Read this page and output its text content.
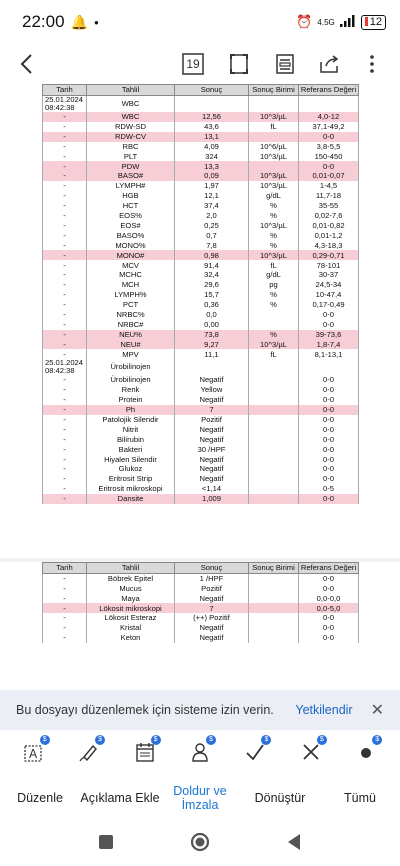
22:00 🔔 ●	⏰ 4.5G	12
19
Tarih	Tahlil	Sonuç	Sonuç Birimi	Referans Değeri
25.01.2024 08:42:38	WBC			
-	WBC	12,56	10^3/µL	4,0-12
-	RDW-SD	43,6	fL	37,1-49,2
-	RDW-CV	13,1		0-0
-	RBC	4,09	10^6/µL	3,8-5,5
-	PLT	324	10^3/µL	150-450
-	PDW	13,3		0-0
-	BASO#	0,09	10^3/µL	0,01-0,07
-	LYMPH#	1,97	10^3/µL	1-4,5
-	HGB	12,1	g/dL	11,7-18
-	HCT	37,4	%	35-55
-	EOS%	2,0	%	0,02-7,6
-	EOS#	0,25	10^3/µL	0,01-0,82
-	BASO%	0,7	%	0,01-1,2
-	MONO%	7,8	%	4,3-18,3
-	MONO#	0,98	10^3/µL	0,29-0,71
-	MCV	91,4	fL	78-101
-	MCHC	32,4	g/dL	30-37
-	MCH	29,6	pg	24,5-34
-	LYMPH%	15,7	%	10-47,4
-	PCT	0,36	%	0,17-0,49
-	NRBC%	0,0		0-0
-	NRBC#	0,00		0-0
-	NEU%	73,8	%	39-73,6
-	NEU#	9,27	10^3/µL	1,8-7,4
-	MPV	11,1	fL	8,1-13,1
25.01.2024 08:42:38	Ürobilinojen			
-	Ürobilinojen	Negatif		0-0
-	Renk	Yellow		0-0
-	Protein	Negatif		0-0
-	Ph	7		0-0
-	Patolojik Silendir	Pozitif		0-0
-	Nitrit	Negatif		0-0
-	Bilirubin	Negatif		0-0
-	Bakteri	30 /HPF		0-0
-	Hiyalen Silendir	Negatif		0-0
-	Glukoz	Negatif		0-0
-	Eritrosit Strip	Negatif		0-0
-	Eritrosit mikroskopi	<1,14		0-5
-	Dansite	1,009		0-0
Tarih	Tahlil	Sonuç	Sonuç Birimi	Referans Değeri
-	Böbrek Epitel	1 /HPF		0-0
-	Mucus	Pozitif		0-0
-	Maya	Negatif		0,0-0,0
-	Lökosit mikroskopi	7		0,0-5,0
-	Lökosit Esteraz	(++) Pozitif		0-0
-	Kristal	Negatif		0-0
-	Keton	Negatif		0-0
Bu dosyayı düzenlemek için sisteme izin verin. Yetkilendir ✕
A
$	$	$	$	$	$	$
Düzenle	Açıklama Ekle	Doldur ve İmzala	Dönüştür	Tümü
